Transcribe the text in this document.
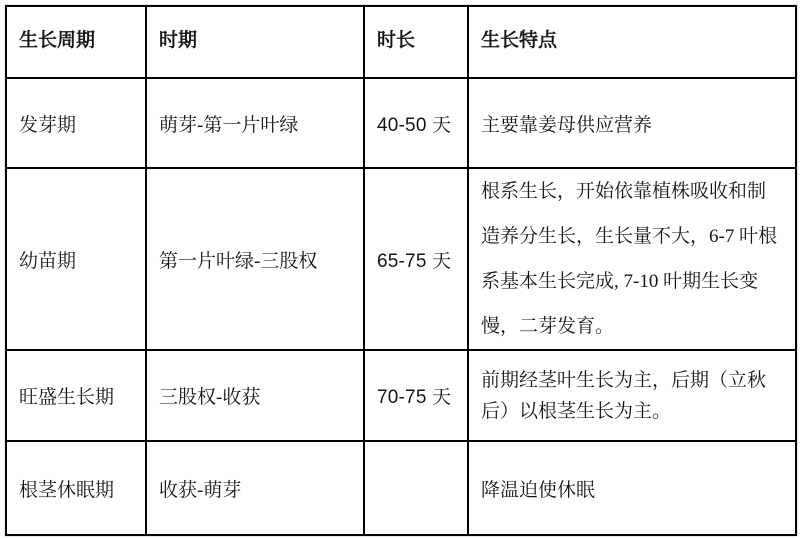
生长周期	时期	时长	生长特点
发芽期	萌芽-第一片叶绿	40-50 天	主要靠姜母供应营养
幼苗期	第一片叶绿-三股权	65-75 天	根系生长，开始依靠植株吸收和制造养分生长，生长量不大，6-7 叶根系基本生长完成, 7-10 叶期生长变慢，二芽发育。
旺盛生长期	三股权-收获	70-75 天	前期经茎叶生长为主，后期（立秋后）以根茎生长为主。
根茎休眠期	收获-萌芽		降温迫使休眠
